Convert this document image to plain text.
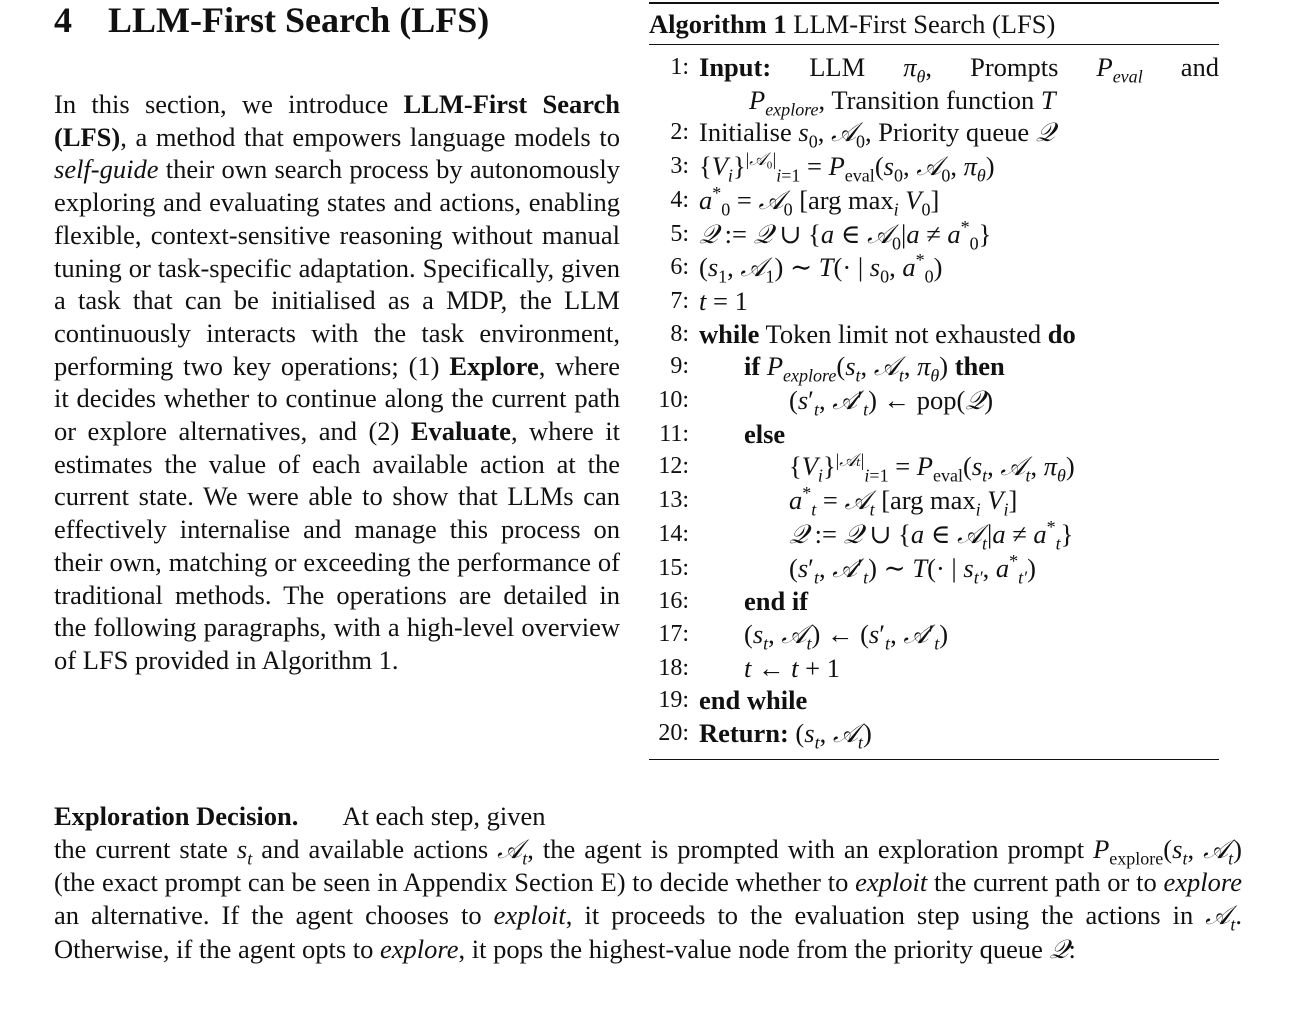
4 LLM-First Search (LFS)

In this section, we introduce LLM-First Search (LFS), a method that empowers language models to self-guide their own search process by autonomously exploring and evaluating states and actions, enabling flexible, context-sensitive reasoning without manual tuning or task-specific adaptation. Specifically, given a task that can be initialised as a MDP, the LLM continuously interacts with the task environment, performing two key operations; (1) Explore, where it decides whether to continue along the current path or explore alternatives, and (2) Evaluate, where it estimates the value of each available action at the current state. We were able to show that LLMs can effectively internalise and manage this process on their own, matching or exceeding the performance of traditional methods. The operations are detailed in the following paragraphs, with a high-level overview of LFS provided in Algorithm 1.

Algorithm 1 LLM-First Search (LFS)
1: Input: LLM $\pi_\theta$, Prompts $P_{eval}$ and
$P_{explore}$, Transition function T
2: Initialise $s_0$, 𝒜$_0$, Priority queue 𝒬
3: $\{V_i\}^{|𝒜_0|}_{i=1} = P_{eval}(s_0$, 𝒜$_0$, $\pi_\theta$)
4: $a^*_0$ = 𝒜$_0$ [arg $\max_i V_0$]
5: 𝒬 := 𝒬 ∪ {a ∈ 𝒜$_0$|a ≠ $a^*_0$}
6: ($s_1$, 𝒜$_1$) ∼ T(· | $s_0$, $a^*_0$)
7: t = 1
8: while Token limit not exhausted do
9:	if $P_{explore}(s_t$, 𝒜$_t$, $\pi_\theta$) then
10:	($s'_t$, $𝒜'_t$) ← pop(𝒬)
11:	else
12:	$\{V_i\}^{|𝒜_t|}_{i=1} = P_{eval}(s_t$, 𝒜$_t$, $\pi_\theta$)
13:	$a^*_t$ = 𝒜$_t$ [arg $\max_i V_i$]
14:	𝒬 := 𝒬 ∪ {a ∈ 𝒜$_t$|a ≠ $a^*_t$}
15:	($s'_t$, $𝒜'_t$) ∼ T(· | $s_{t'}$, $a^*_{t'}$)
16:	end if
17:	($s_t$, 𝒜$_t$) ← ($s'_t$, $𝒜'_t$)
18:	t ← t + 1
19: end while
20: Return: ($s_t$, 𝒜$_t$)

Exploration Decision. At each step, given
the current state $s_t$ and available actions 𝒜$_t$, the agent is prompted with an exploration prompt $P_{explore}(s_t$, 𝒜$_t$) (the exact prompt can be seen in Appendix Section E) to decide whether to exploit the current path or to explore an alternative. If the agent chooses to exploit, it proceeds to the evaluation step using the actions in 𝒜$_t$. Otherwise, if the agent opts to explore, it pops the highest-value node from the priority queue 𝒬:
